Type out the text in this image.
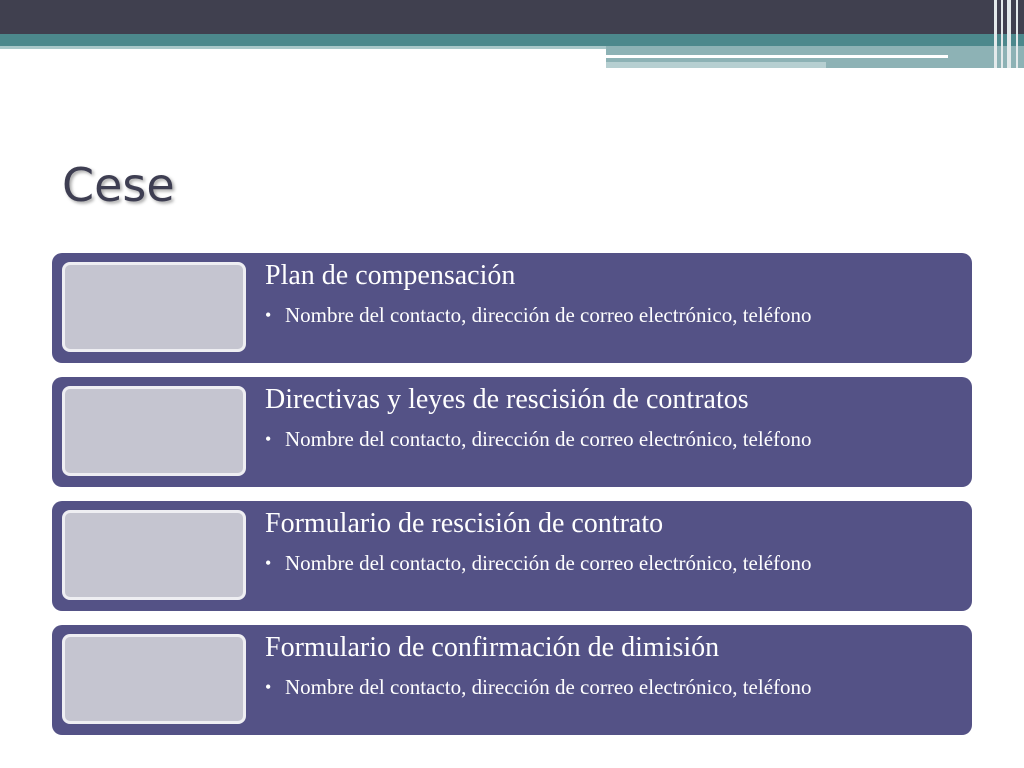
Cese
Plan de compensación
• Nombre del contacto, dirección de correo electrónico, teléfono
Directivas y leyes de rescisión de contratos
• Nombre del contacto, dirección de correo electrónico, teléfono
Formulario de rescisión de contrato
• Nombre del contacto, dirección de correo electrónico, teléfono
Formulario de confirmación de dimisión
• Nombre del contacto, dirección de correo electrónico, teléfono
